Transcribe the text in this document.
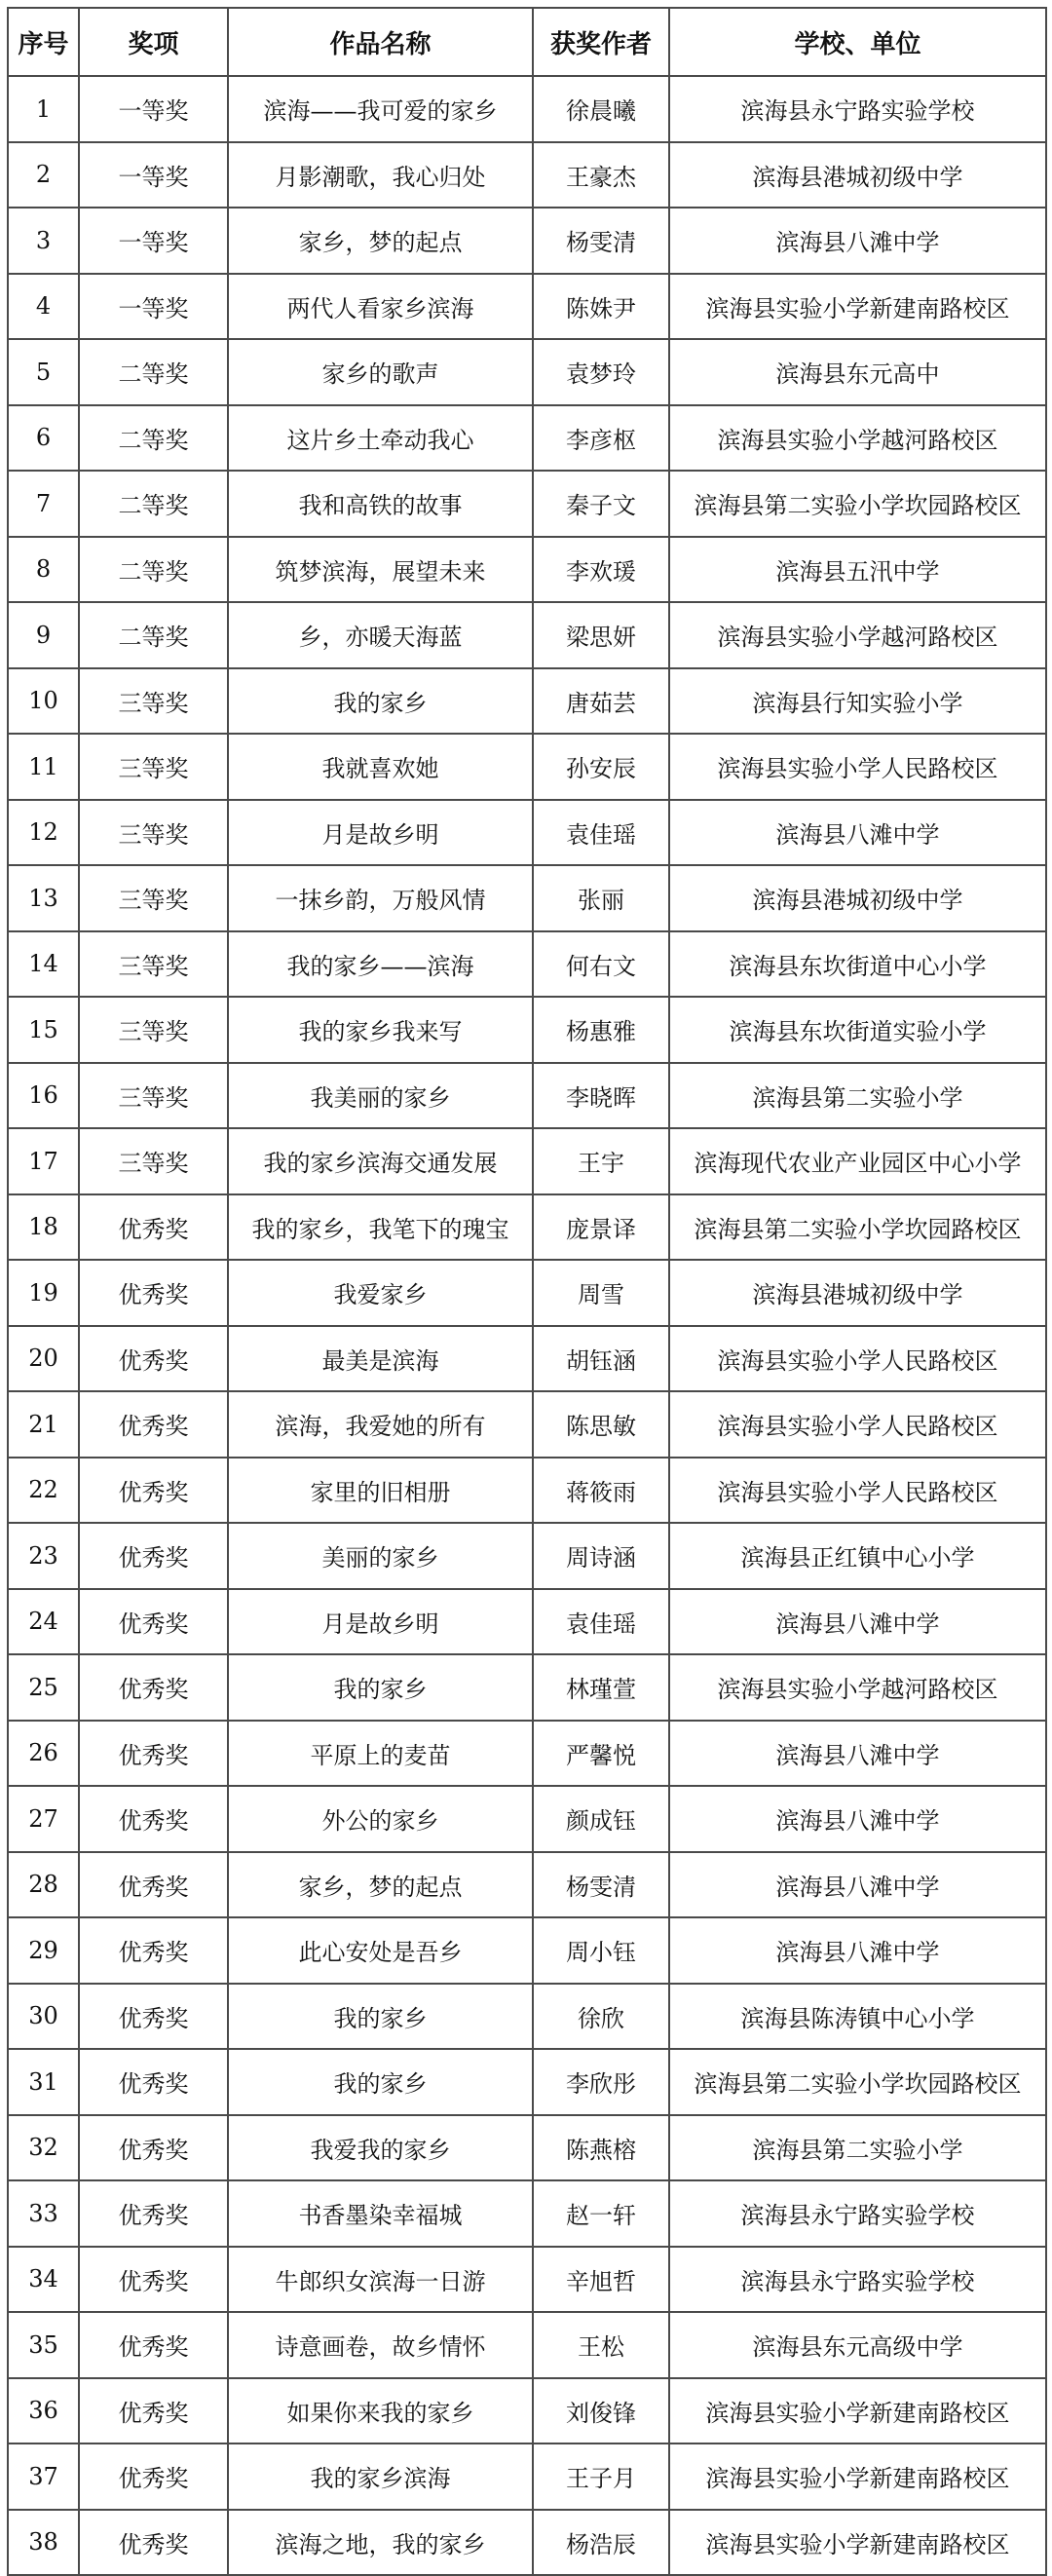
序号	奖项	作品名称	获奖作者	学校、单位
1	一等奖	滨海——我可爱的家乡	徐晨曦	滨海县永宁路实验学校
2	一等奖	月影潮歌，我心归处	王豪杰	滨海县港城初级中学
3	一等奖	家乡，梦的起点	杨雯清	滨海县八滩中学
4	一等奖	两代人看家乡滨海	陈姝尹	滨海县实验小学新建南路校区
5	二等奖	家乡的歌声	袁梦玲	滨海县东元高中
6	二等奖	这片乡土牵动我心	李彦枢	滨海县实验小学越河路校区
7	二等奖	我和高铁的故事	秦子文	滨海县第二实验小学坎园路校区
8	二等奖	筑梦滨海，展望未来	李欢瑗	滨海县五汛中学
9	二等奖	乡，亦暖天海蓝	梁思妍	滨海县实验小学越河路校区
10	三等奖	我的家乡	唐茹芸	滨海县行知实验小学
11	三等奖	我就喜欢她	孙安辰	滨海县实验小学人民路校区
12	三等奖	月是故乡明	袁佳瑶	滨海县八滩中学
13	三等奖	一抹乡韵，万般风情	张丽	滨海县港城初级中学
14	三等奖	我的家乡——滨海	何右文	滨海县东坎街道中心小学
15	三等奖	我的家乡我来写	杨惠雅	滨海县东坎街道实验小学
16	三等奖	我美丽的家乡	李晓晖	滨海县第二实验小学
17	三等奖	我的家乡滨海交通发展	王宇	滨海现代农业产业园区中心小学
18	优秀奖	我的家乡，我笔下的瑰宝	庞景译	滨海县第二实验小学坎园路校区
19	优秀奖	我爱家乡	周雪	滨海县港城初级中学
20	优秀奖	最美是滨海	胡钰涵	滨海县实验小学人民路校区
21	优秀奖	滨海，我爱她的所有	陈思敏	滨海县实验小学人民路校区
22	优秀奖	家里的旧相册	蒋筱雨	滨海县实验小学人民路校区
23	优秀奖	美丽的家乡	周诗涵	滨海县正红镇中心小学
24	优秀奖	月是故乡明	袁佳瑶	滨海县八滩中学
25	优秀奖	我的家乡	林瑾萱	滨海县实验小学越河路校区
26	优秀奖	平原上的麦苗	严馨悦	滨海县八滩中学
27	优秀奖	外公的家乡	颜成钰	滨海县八滩中学
28	优秀奖	家乡，梦的起点	杨雯清	滨海县八滩中学
29	优秀奖	此心安处是吾乡	周小钰	滨海县八滩中学
30	优秀奖	我的家乡	徐欣	滨海县陈涛镇中心小学
31	优秀奖	我的家乡	李欣彤	滨海县第二实验小学坎园路校区
32	优秀奖	我爱我的家乡	陈燕榕	滨海县第二实验小学
33	优秀奖	书香墨染幸福城	赵一轩	滨海县永宁路实验学校
34	优秀奖	牛郎织女滨海一日游	辛旭哲	滨海县永宁路实验学校
35	优秀奖	诗意画卷，故乡情怀	王松	滨海县东元高级中学
36	优秀奖	如果你来我的家乡	刘俊锋	滨海县实验小学新建南路校区
37	优秀奖	我的家乡滨海	王子月	滨海县实验小学新建南路校区
38	优秀奖	滨海之地，我的家乡	杨浩辰	滨海县实验小学新建南路校区
